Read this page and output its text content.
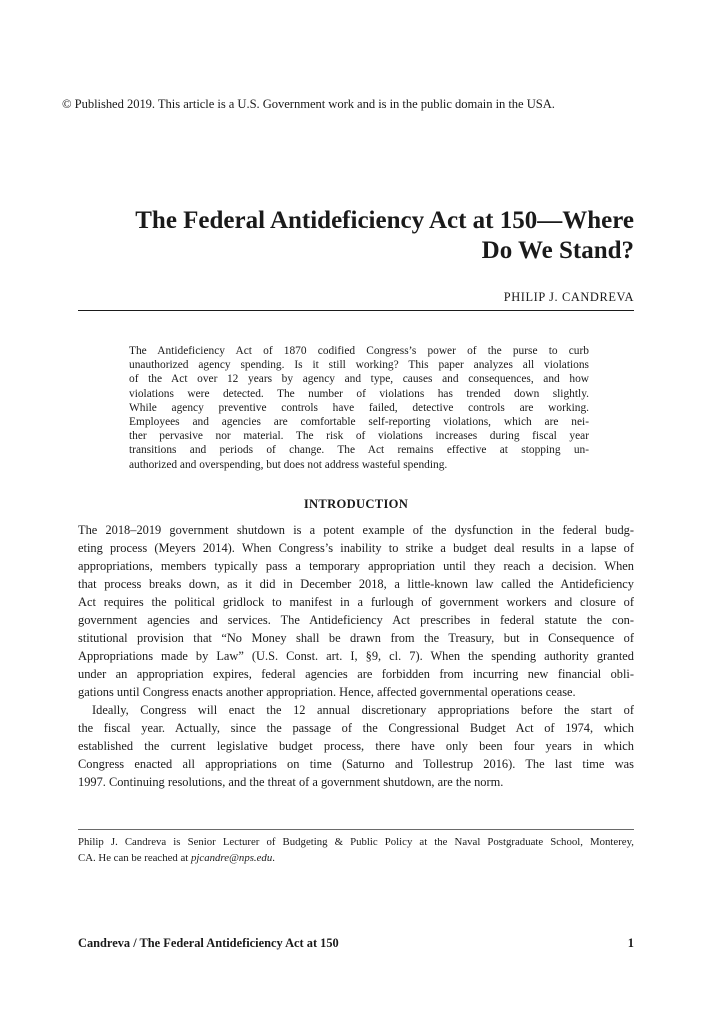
© Published 2019. This article is a U.S. Government work and is in the public domain in the USA.
The Federal Antideficiency Act at 150—Where
Do We Stand?
PHILIP J. CANDREVA
The Antideficiency Act of 1870 codified Congress’s power of the purse to curb
unauthorized agency spending. Is it still working? This paper analyzes all violations
of the Act over 12 years by agency and type, causes and consequences, and how
violations were detected. The number of violations has trended down slightly.
While agency preventive controls have failed, detective controls are working.
Employees and agencies are comfortable self-reporting violations, which are nei-
ther pervasive nor material. The risk of violations increases during fiscal year
transitions and periods of change. The Act remains effective at stopping un-
authorized and overspending, but does not address wasteful spending.
INTRODUCTION
The 2018–2019 government shutdown is a potent example of the dysfunction in the federal budg-
eting process (Meyers 2014). When Congress’s inability to strike a budget deal results in a lapse of
appropriations, members typically pass a temporary appropriation until they reach a decision. When
that process breaks down, as it did in December 2018, a little-known law called the Antideficiency
Act requires the political gridlock to manifest in a furlough of government workers and closure of
government agencies and services. The Antideficiency Act prescribes in federal statute the con-
stitutional provision that “No Money shall be drawn from the Treasury, but in Consequence of
Appropriations made by Law” (U.S. Const. art. I, §9, cl. 7). When the spending authority granted
under an appropriation expires, federal agencies are forbidden from incurring new financial obli-
gations until Congress enacts another appropriation. Hence, affected governmental operations cease.
Ideally, Congress will enact the 12 annual discretionary appropriations before the start of
the fiscal year. Actually, since the passage of the Congressional Budget Act of 1974, which
established the current legislative budget process, there have only been four years in which
Congress enacted all appropriations on time (Saturno and Tollestrup 2016). The last time was
1997. Continuing resolutions, and the threat of a government shutdown, are the norm.
Philip J. Candreva is Senior Lecturer of Budgeting & Public Policy at the Naval Postgraduate School, Monterey,
CA. He can be reached at pjcandre@nps.edu.
Candreva / The Federal Antideficiency Act at 150	1
